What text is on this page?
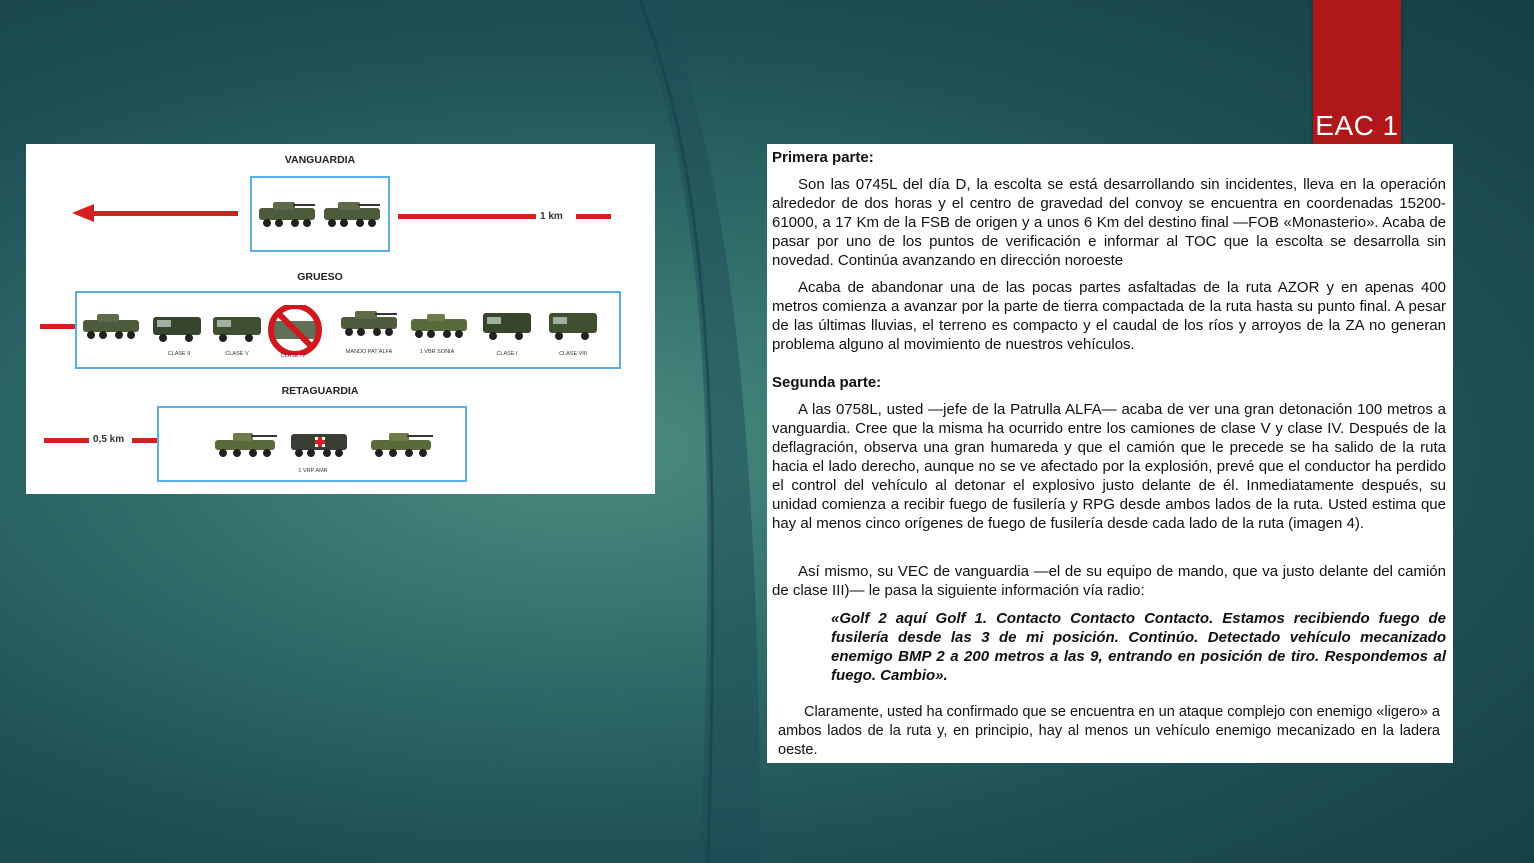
EAC 1
VANGUARDIA
1 km
GRUESO
CLASE II	CLASE V	CLASE IV
MANDO PAT ALFA	1 VBR SONIA	CLASE I	CLASE VIII
RETAGUARDIA
0,5 km
1 VRP AMR

Primera parte:

Son las 0745L del día D, la escolta se está desarrollando sin incidentes, lleva en la operación alrededor de dos horas y el centro de gravedad del convoy se encuentra en coordenadas 15200-61000, a 17 Km de la FSB de origen y a unos 6 Km del destino final —FOB «Monasterio». Acaba de pasar por uno de los puntos de verificación e informar al TOC que la escolta se desarrolla sin novedad. Continúa avanzando en dirección noroeste

Acaba de abandonar una de las pocas partes asfaltadas de la ruta AZOR y en apenas 400 metros comienza a avanzar por la parte de tierra compactada de la ruta hasta su punto final. A pesar de las últimas lluvias, el terreno es compacto y el caudal de los ríos y arroyos de la ZA no generan problema alguno al movimiento de nuestros vehículos.

Segunda parte:

A las 0758L, usted —jefe de la Patrulla ALFA— acaba de ver una gran detonación 100 metros a vanguardia. Cree que la misma ha ocurrido entre los camiones de clase V y clase IV. Después de la deflagración, observa una gran humareda y que el camión que le precede se ha salido de la ruta hacia el lado derecho, aunque no se ve afectado por la explosión, prevé que el conductor ha perdido el control del vehículo al detonar el explosivo justo delante de él. Inmediatamente después, su unidad comienza a recibir fuego de fusilería y RPG desde ambos lados de la ruta. Usted estima que hay al menos cinco orígenes de fuego de fusilería desde cada lado de la ruta (imagen 4).

Así mismo, su VEC de vanguardia —el de su equipo de mando, que va justo delante del camión de clase III)— le pasa la siguiente información vía radio:

«Golf 2 aquí Golf 1. Contacto Contacto Contacto. Estamos recibiendo fuego de fusilería desde las 3 de mi posición. Continúo. Detectado vehículo mecanizado enemigo BMP 2 a 200 metros a las 9, entrando en posición de tiro. Respondemos al fuego. Cambio».

Claramente, usted ha confirmado que se encuentra en un ataque complejo con enemigo «ligero» a ambos lados de la ruta y, en principio, hay al menos un vehículo enemigo mecanizado en la ladera oeste.
